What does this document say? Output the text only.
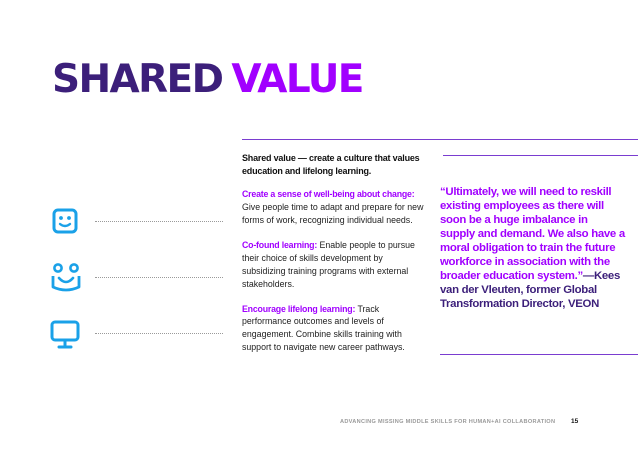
SHARED VALUE
Shared value — create a culture that values education and lifelong learning.

Create a sense of well-being about change: Give people time to adapt and prepare for new forms of work, recognizing individual needs.

Co-found learning: Enable people to pursue their choice of skills development by subsidizing training programs with external stakeholders.

Encourage lifelong learning: Track performance outcomes and levels of engagement. Combine skills training with support to navigate new career pathways.

“Ultimately, we will need to reskill existing employees as there will soon be a huge imbalance in supply and demand. We also have a moral obligation to train the future workforce in association with the broader education system.”—Kees van der Vleuten, former Global Transformation Director, VEON
ADVANCING MISSING MIDDLE SKILLS FOR HUMAN+AI COLLABORATION 15
